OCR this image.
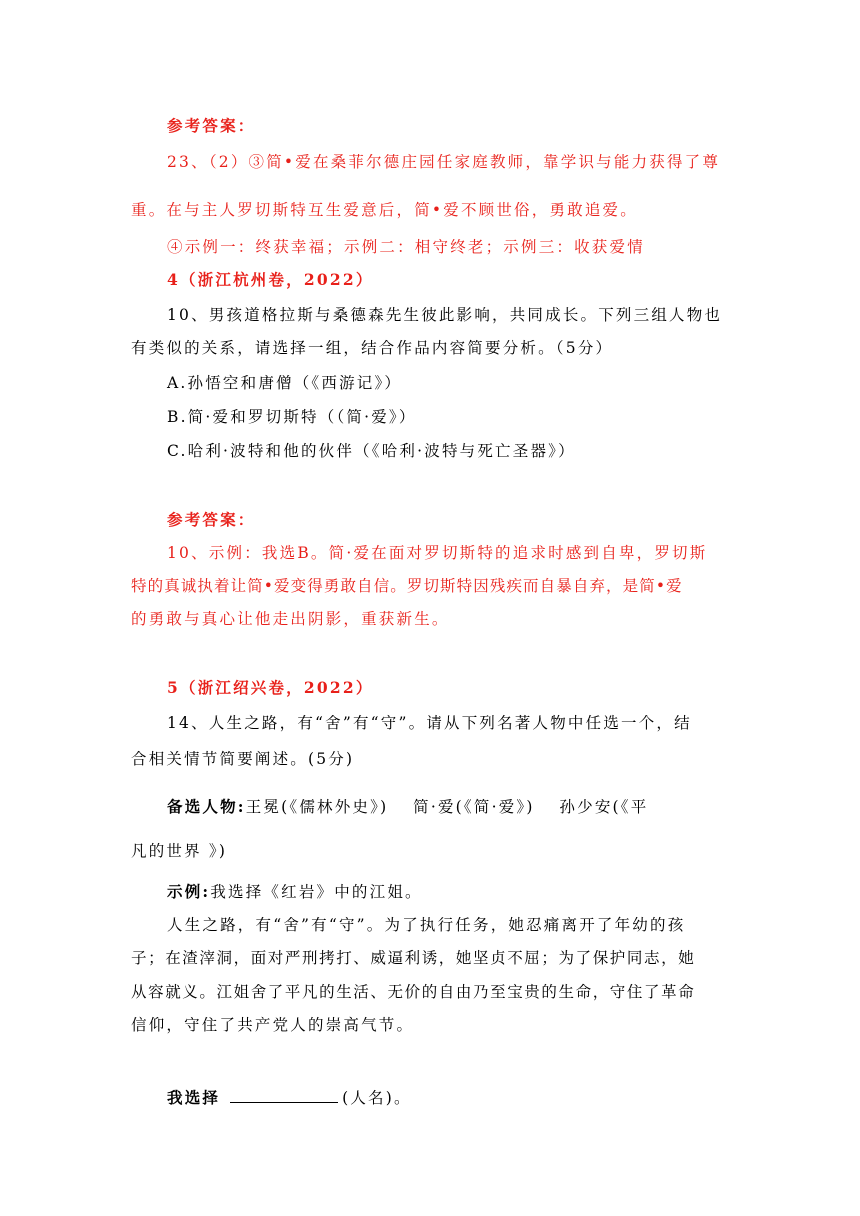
参考答案：
23、（2）③简•爱在桑菲尔德庄园任家庭教师，靠学识与能力获得了尊
重。在与主人罗切斯特互生爱意后，简•爱不顾世俗，勇敢追爱。
④示例一：终获幸福；示例二：相守终老；示例三：收获爱情
4（浙江杭州卷，2022）
10、男孩道格拉斯与桑德森先生彼此影响，共同成长。下列三组人物也
有类似的关系，请选择一组，结合作品内容简要分析。（5分）
A.孙悟空和唐僧（《西游记》）
B.简·爱和罗切斯特（（简·爱》）
C.哈利·波特和他的伙伴（《哈利·波特与死亡圣器》）
参考答案：
10、示例：我选B。简·爱在面对罗切斯特的追求时感到自卑，罗切斯
特的真诚执着让简•爱变得勇敢自信。罗切斯特因残疾而自暴自弃，是简•爱
的勇敢与真心让他走出阴影，重获新生。
5（浙江绍兴卷，2022）
14、人生之路，有“舍”有“守”。请从下列名著人物中任选一个，结
合相关情节简要阐述。(5分)
备选人物:王冕(《儒林外史》)　 简·爱(《简·爱》)　 孙少安(《平
凡的世界 》)
示例:我选择《红岩》中的江姐。
人生之路，有“舍”有“守”。为了执行任务，她忍痛离开了年幼的孩
子；在渣滓洞，面对严刑拷打、威逼利诱，她坚贞不屈；为了保护同志，她
从容就义。江姐舍了平凡的生活、无价的自由乃至宝贵的生命，守住了革命
信仰，守住了共产党人的崇高气节。
我选择	(人名)。
